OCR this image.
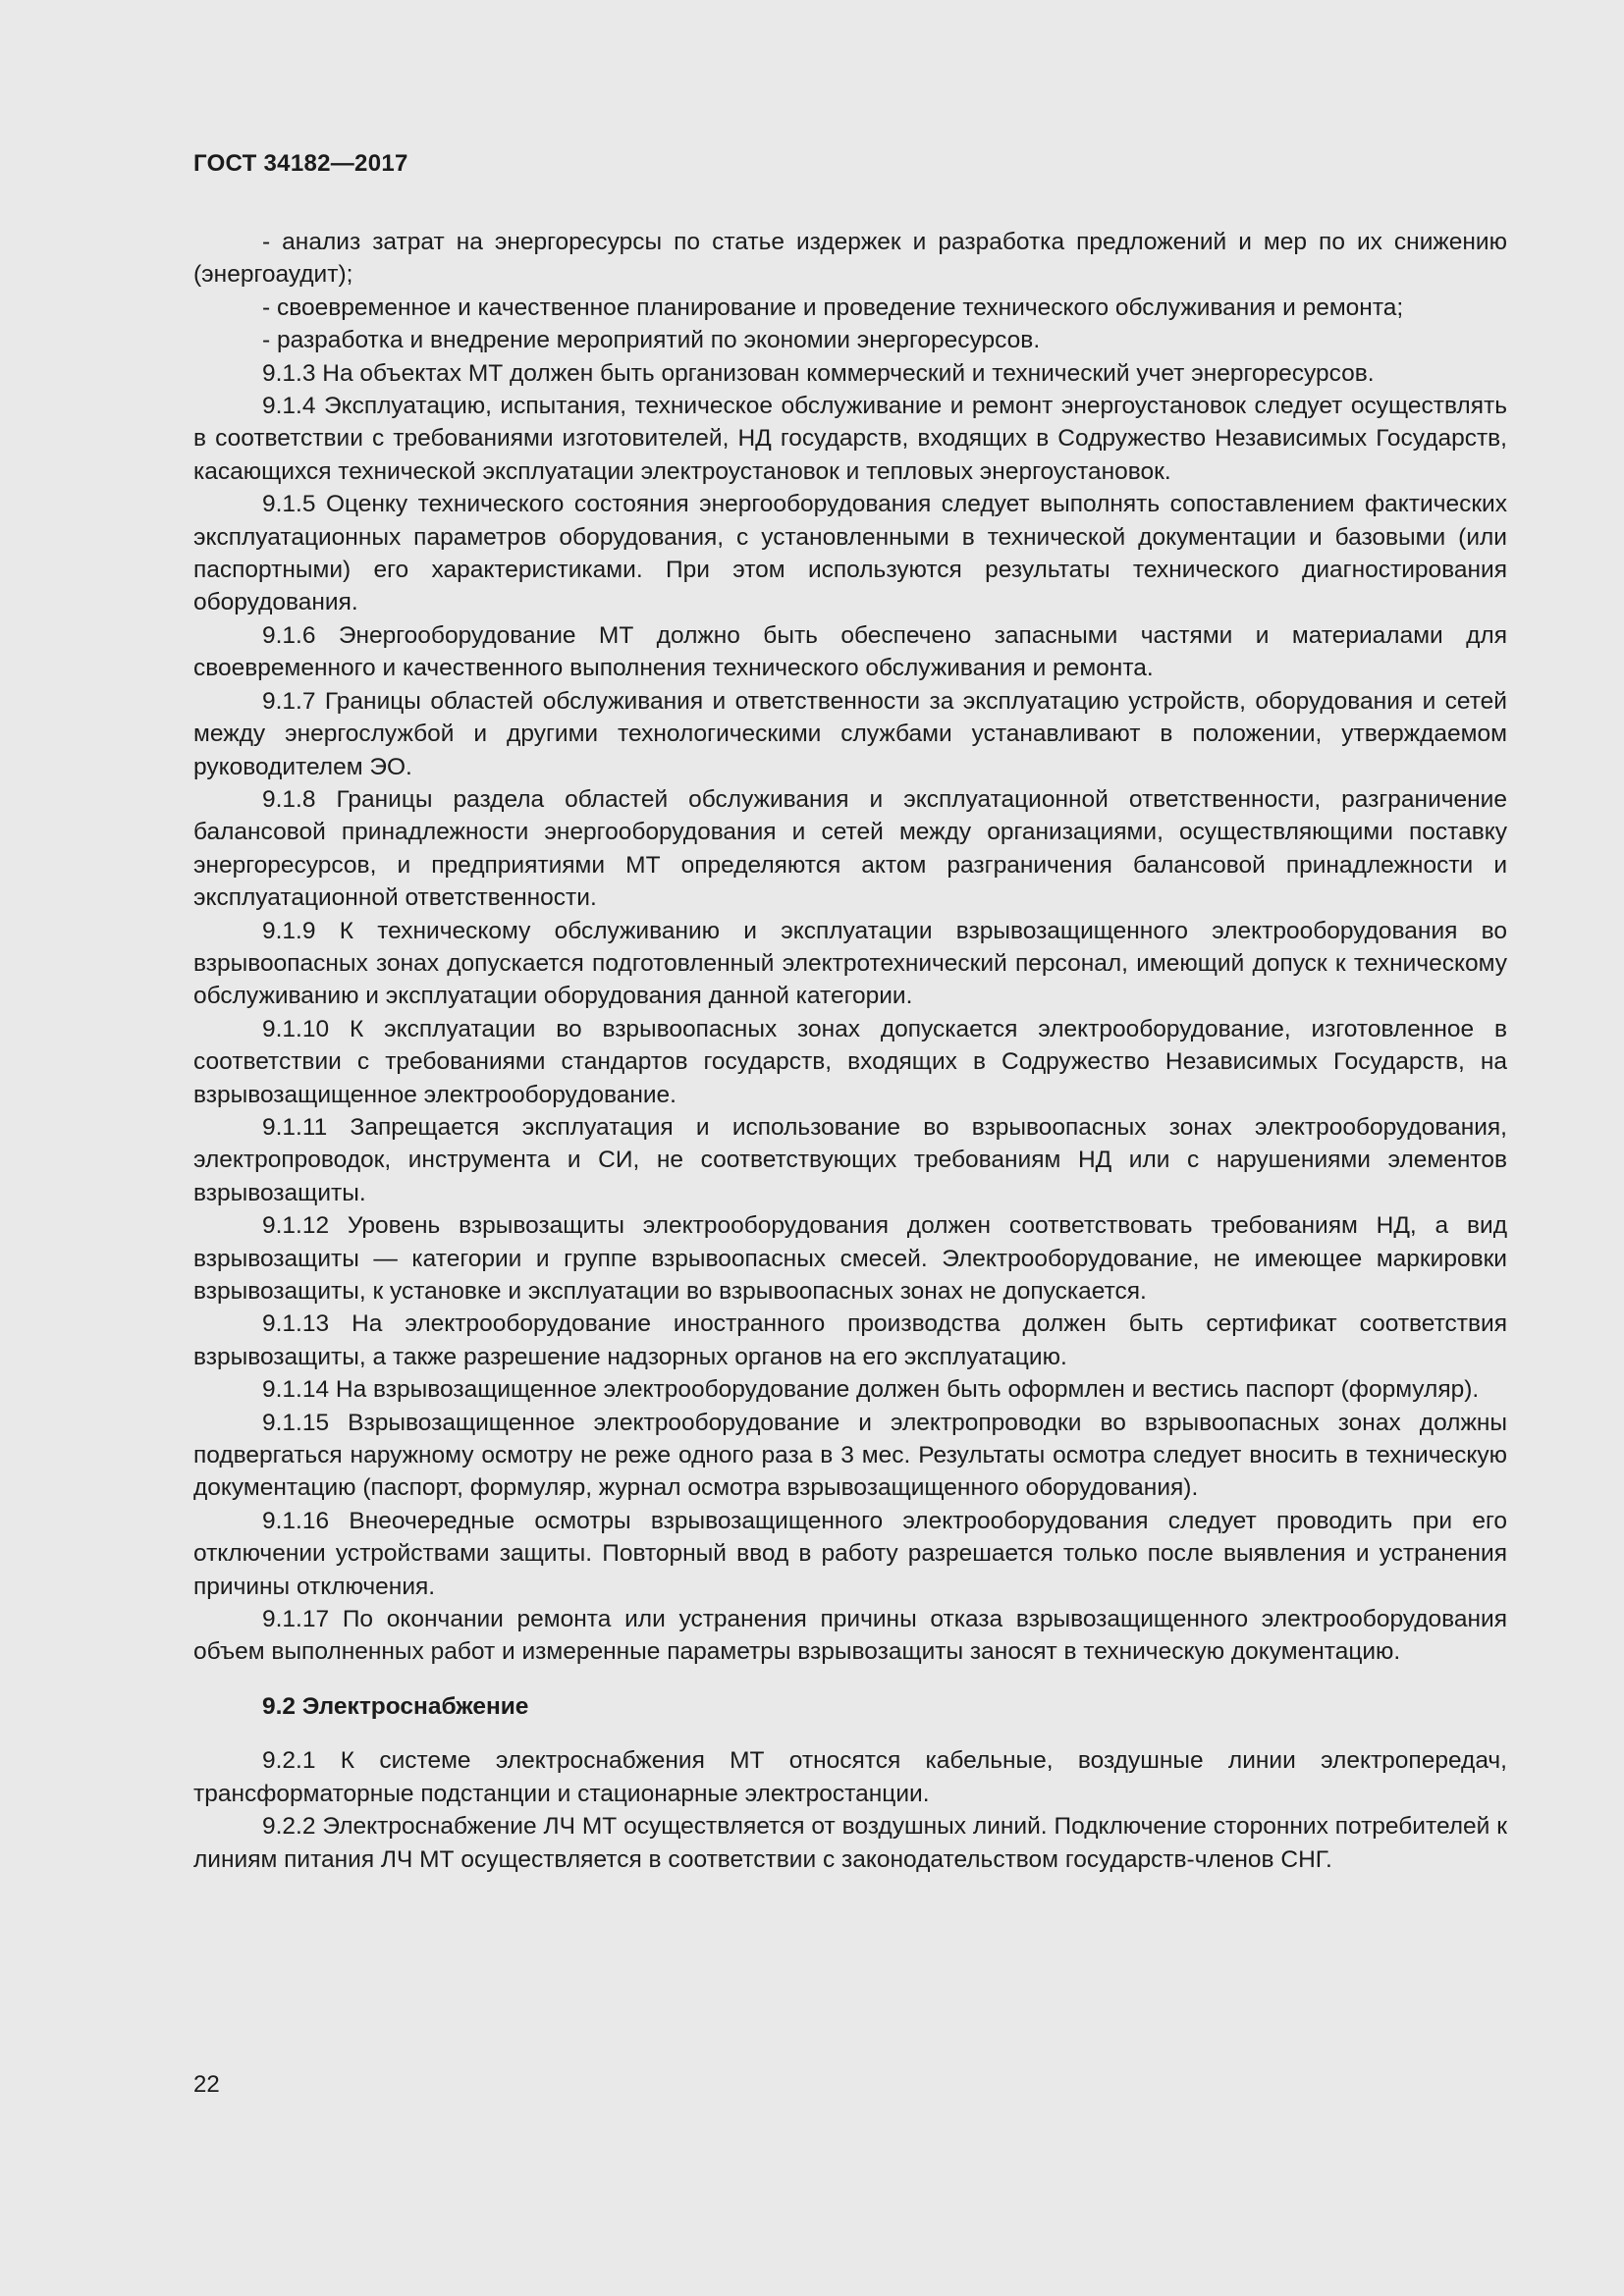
ГОСТ 34182—2017

- анализ затрат на энергоресурсы по статье издержек и разработка предложений и мер по их снижению (энергоаудит);

- своевременное и качественное планирование и проведение технического обслуживания и ремонта;

- разработка и внедрение мероприятий по экономии энергоресурсов.

9.1.3 На объектах МТ должен быть организован коммерческий и технический учет энергоресурсов.

9.1.4 Эксплуатацию, испытания, техническое обслуживание и ремонт энергоустановок следует осуществлять в соответствии с требованиями изготовителей, НД государств, входящих в Содружество Независимых Государств, касающихся технической эксплуатации электроустановок и тепловых энергоустановок.

9.1.5 Оценку технического состояния энергооборудования следует выполнять сопоставлением фактических эксплуатационных параметров оборудования, с установленными в технической документации и базовыми (или паспортными) его характеристиками. При этом используются результаты технического диагностирования оборудования.

9.1.6 Энергооборудование МТ должно быть обеспечено запасными частями и материалами для своевременного и качественного выполнения технического обслуживания и ремонта.

9.1.7 Границы областей обслуживания и ответственности за эксплуатацию устройств, оборудования и сетей между энергослужбой и другими технологическими службами устанавливают в положении, утверждаемом руководителем ЭО.

9.1.8 Границы раздела областей обслуживания и эксплуатационной ответственности, разграничение балансовой принадлежности энергооборудования и сетей между организациями, осуществляющими поставку энергоресурсов, и предприятиями МТ определяются актом разграничения балансовой принадлежности и эксплуатационной ответственности.

9.1.9 К техническому обслуживанию и эксплуатации взрывозащищенного электрооборудования во взрывоопасных зонах допускается подготовленный электротехнический персонал, имеющий допуск к техническому обслуживанию и эксплуатации оборудования данной категории.

9.1.10 К эксплуатации во взрывоопасных зонах допускается электрооборудование, изготовленное в соответствии с требованиями стандартов государств, входящих в Содружество Независимых Государств, на взрывозащищенное электрооборудование.

9.1.11 Запрещается эксплуатация и использование во взрывоопасных зонах электрооборудования, электропроводок, инструмента и СИ, не соответствующих требованиям НД или с нарушениями элементов взрывозащиты.

9.1.12 Уровень взрывозащиты электрооборудования должен соответствовать требованиям НД, а вид взрывозащиты — категории и группе взрывоопасных смесей. Электрооборудование, не имеющее маркировки взрывозащиты, к установке и эксплуатации во взрывоопасных зонах не допускается.

9.1.13 На электрооборудование иностранного производства должен быть сертификат соответствия взрывозащиты, а также разрешение надзорных органов на его эксплуатацию.

9.1.14 На взрывозащищенное электрооборудование должен быть оформлен и вестись паспорт (формуляр).

9.1.15 Взрывозащищенное электрооборудование и электропроводки во взрывоопасных зонах должны подвергаться наружному осмотру не реже одного раза в 3 мес. Результаты осмотра следует вносить в техническую документацию (паспорт, формуляр, журнал осмотра взрывозащищенного оборудования).

9.1.16 Внеочередные осмотры взрывозащищенного электрооборудования следует проводить при его отключении устройствами защиты. Повторный ввод в работу разрешается только после выявления и устранения причины отключения.

9.1.17 По окончании ремонта или устранения причины отказа взрывозащищенного электрооборудования объем выполненных работ и измеренные параметры взрывозащиты заносят в техническую документацию.

9.2 Электроснабжение

9.2.1 К системе электроснабжения МТ относятся кабельные, воздушные линии электропередач, трансформаторные подстанции и стационарные электростанции.

9.2.2 Электроснабжение ЛЧ МТ осуществляется от воздушных линий. Подключение сторонних потребителей к линиям питания ЛЧ МТ осуществляется в соответствии с законодательством государств-членов СНГ.

22
